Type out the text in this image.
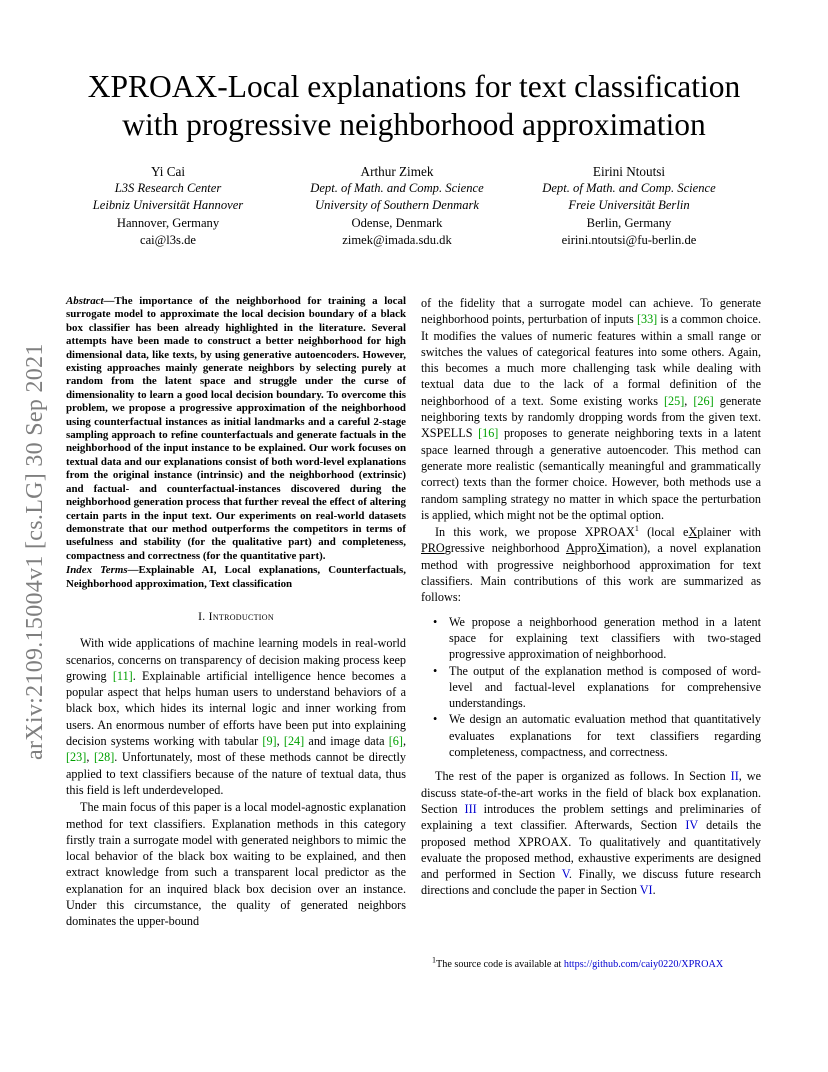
arXiv:2109.15004v1 [cs.LG] 30 Sep 2021
XPROAX-Local explanations for text classification
with progressive neighborhood approximation
Yi Cai
L3S Research Center
Leibniz Universität Hannover
Hannover, Germany
cai@l3s.de
Arthur Zimek
Dept. of Math. and Comp. Science
University of Southern Denmark
Odense, Denmark
zimek@imada.sdu.dk
Eirini Ntoutsi
Dept. of Math. and Comp. Science
Freie Universität Berlin
Berlin, Germany
eirini.ntoutsi@fu-berlin.de
Abstract—The importance of the neighborhood for training a local surrogate model to approximate the local decision boundary of a black box classifier has been already highlighted in the literature. Several attempts have been made to construct a better neighborhood for high dimensional data, like texts, by using generative autoencoders. However, existing approaches mainly generate neighbors by selecting purely at random from the latent space and struggle under the curse of dimensionality to learn a good local decision boundary. To overcome this problem, we propose a progressive approximation of the neighborhood using counterfactual instances as initial landmarks and a careful 2-stage sampling approach to refine counterfactuals and generate factuals in the neighborhood of the input instance to be explained. Our work focuses on textual data and our explanations consist of both word-level explanations from the original instance (intrinsic) and the neighborhood (extrinsic) and factual- and counterfactual-instances discovered during the neighborhood generation process that further reveal the effect of altering certain parts in the input text. Our experiments on real-world datasets demonstrate that our method outperforms the competitors in terms of usefulness and stability (for the qualitative part) and completeness, compactness and correctness (for the quantitative part).
Index Terms—Explainable AI, Local explanations, Counterfactuals, Neighborhood approximation, Text classification
I. Introduction

With wide applications of machine learning models in real-world scenarios, concerns on transparency of decision making process keep growing [11]. Explainable artificial intelligence hence becomes a popular aspect that helps human users to understand behaviors of a black box, which hides its internal logic and inner working from users. An enormous number of efforts have been put into explaining decision systems working with tabular [9], [24] and image data [6], [23], [28]. Unfortunately, most of these methods cannot be directly applied to text classifiers because of the nature of textual data, thus this field is left underdeveloped.

The main focus of this paper is a local model-agnostic explanation method for text classifiers. Explanation methods in this category firstly train a surrogate model with generated neighbors to mimic the local behavior of the black box waiting to be explained, and then extract knowledge from such a transparent local predictor as the explanation for an inquired black box decision over an instance. Under this circumstance, the quality of generated neighbors dominates the upper-bound

of the fidelity that a surrogate model can achieve. To generate neighborhood points, perturbation of inputs [33] is a common choice. It modifies the values of numeric features within a small range or switches the values of categorical features into some others. Again, this becomes a much more challenging task while dealing with textual data due to the lack of a formal definition of the neighborhood of a text. Some existing works [25], [26] generate neighboring texts by randomly dropping words from the given text. XSPELLS [16] proposes to generate neighboring texts in a latent space learned through a generative autoencoder. This method can generate more realistic (semantically meaningful and grammatically correct) texts than the former choice. However, both methods use a random sampling strategy no matter in which space the perturbation is applied, which might not be the optimal option.

In this work, we propose XPROAX$^1$ (local eXplainer with PROgressive neighborhood ApproXimation), a novel explanation method with progressive neighborhood approximation for text classifiers. Main contributions of this work are summarized as follows:

• We propose a neighborhood generation method in a latent space for explaining text classifiers with two-staged progressive approximation of neighborhood.
• The output of the explanation method is composed of word-level and factual-level explanations for comprehensive understandings.
• We design an automatic evaluation method that quantitatively evaluates explanations for text classifiers regarding completeness, compactness, and correctness.

The rest of the paper is organized as follows. In Section II, we discuss state-of-the-art works in the field of black box explanation. Section III introduces the problem settings and preliminaries of explaining a text classifier. Afterwards, Section IV details the proposed method XPROAX. To qualitatively and quantitatively evaluate the proposed method, exhaustive experiments are designed and performed in Section V. Finally, we discuss future research directions and conclude the paper in Section VI.

$^1$The source code is available at https://github.com/caiy0220/XPROAX
